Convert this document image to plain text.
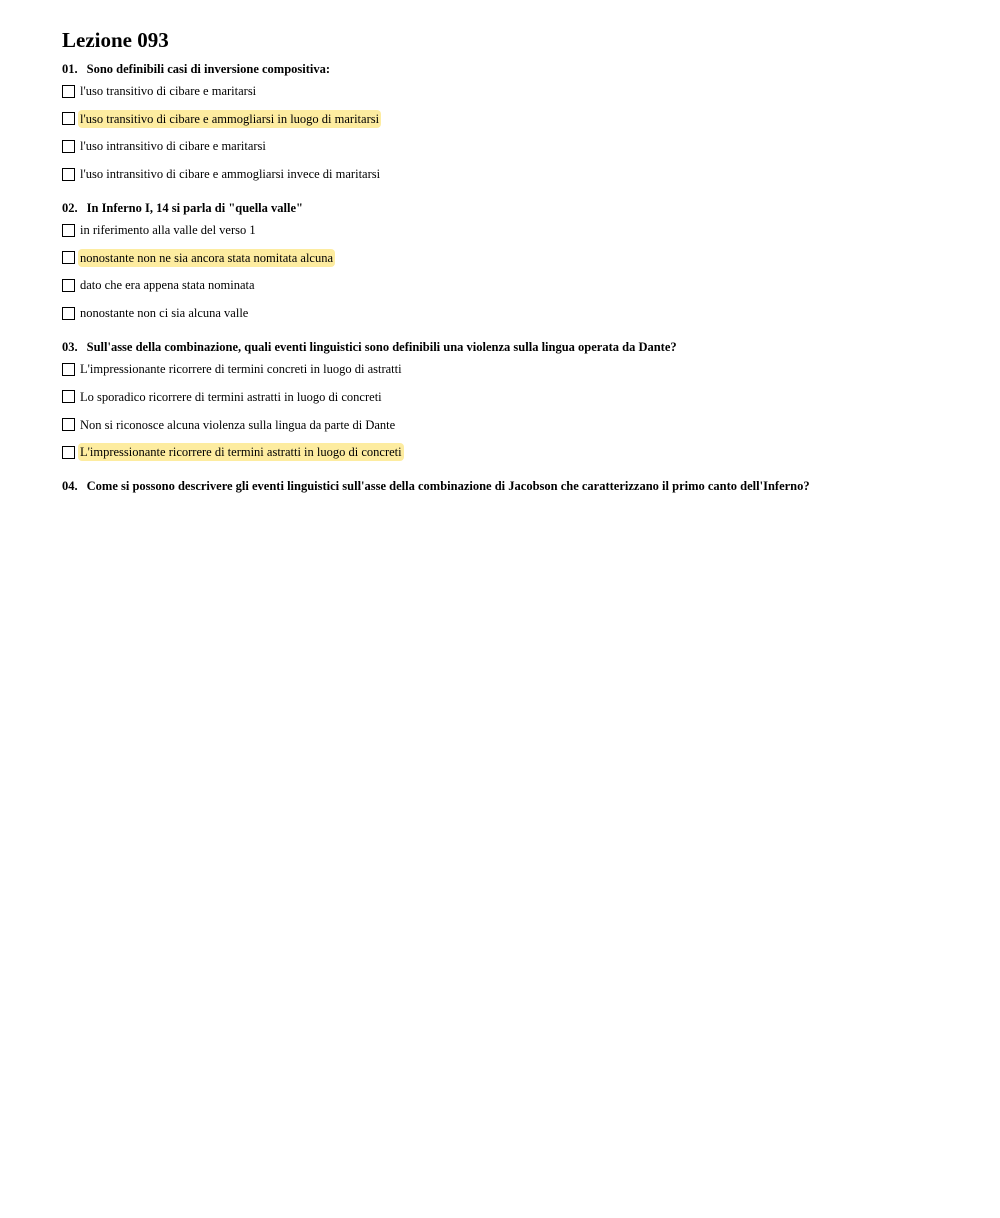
Lezione 093
01. Sono definibili casi di inversione compositiva:
l'uso transitivo di cibare e maritarsi
l'uso transitivo di cibare e ammogliarsi in luogo di maritarsi
l'uso intransitivo di cibare e maritarsi
l'uso intransitivo di cibare e ammogliarsi invece di maritarsi
02. In Inferno I, 14 si parla di "quella valle"
in riferimento alla valle del verso 1
nonostante non ne sia ancora stata nomitata alcuna
dato che era appena stata nominata
nonostante non ci sia alcuna valle
03. Sull'asse della combinazione, quali eventi linguistici sono definibili una violenza sulla lingua operata da Dante?
L'impressionante ricorrere di termini concreti in luogo di astratti
Lo sporadico ricorrere di termini astratti in luogo di concreti
Non si riconosce alcuna violenza sulla lingua da parte di Dante
L'impressionante ricorrere di termini astratti in luogo di concreti
04. Come si possono descrivere gli eventi linguistici sull'asse della combinazione di Jacobson che caratterizzano il primo canto dell'Inferno?
